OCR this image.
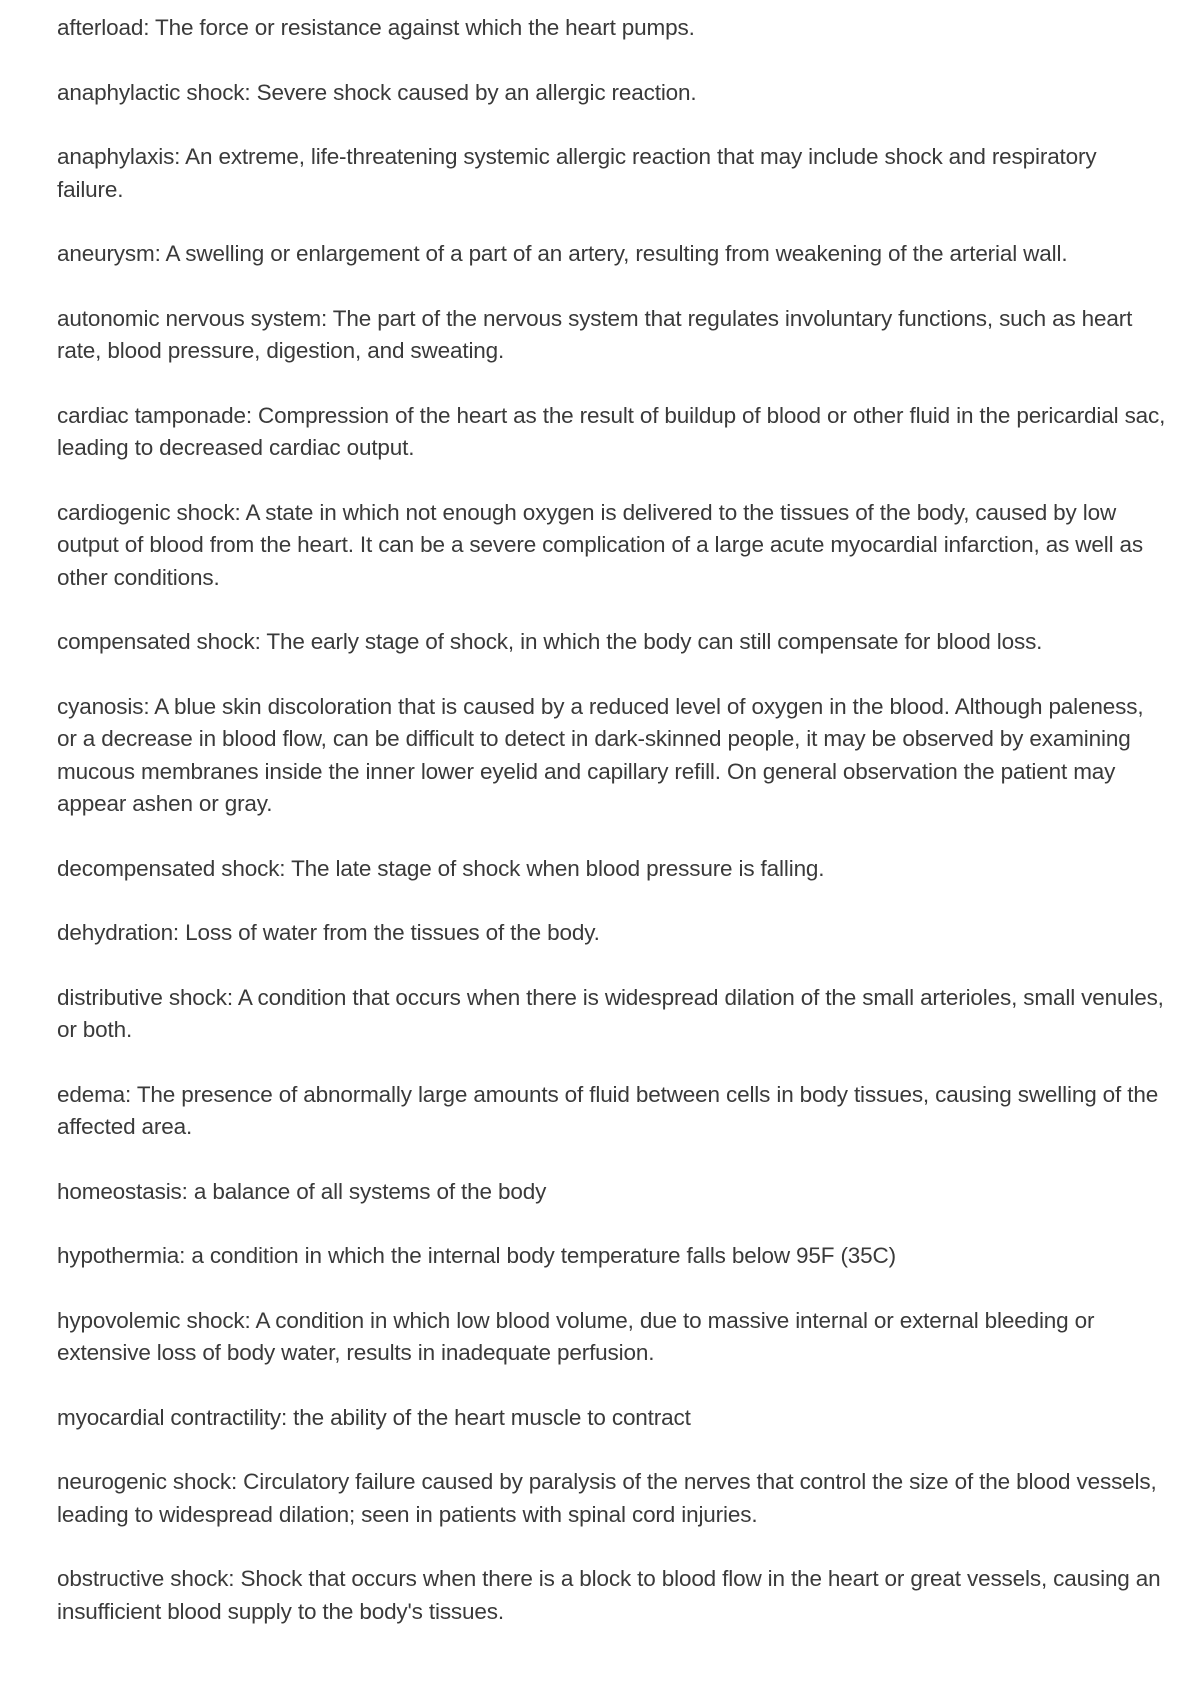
afterload: The force or resistance against which the heart pumps.

anaphylactic shock: Severe shock caused by an allergic reaction.

anaphylaxis: An extreme, life-threatening systemic allergic reaction that may include shock and respiratory failure.

aneurysm: A swelling or enlargement of a part of an artery, resulting from weakening of the arterial wall.

autonomic nervous system: The part of the nervous system that regulates involuntary functions, such as heart rate, blood pressure, digestion, and sweating.

cardiac tamponade: Compression of the heart as the result of buildup of blood or other fluid in the pericardial sac, leading to decreased cardiac output.

cardiogenic shock: A state in which not enough oxygen is delivered to the tissues of the body, caused by low output of blood from the heart. It can be a severe complication of a large acute myocardial infarction, as well as other conditions.

compensated shock: The early stage of shock, in which the body can still compensate for blood loss.

cyanosis: A blue skin discoloration that is caused by a reduced level of oxygen in the blood. Although paleness, or a decrease in blood flow, can be difficult to detect in dark-skinned people, it may be observed by examining mucous membranes inside the inner lower eyelid and capillary refill. On general observation the patient may appear ashen or gray.

decompensated shock: The late stage of shock when blood pressure is falling.

dehydration: Loss of water from the tissues of the body.

distributive shock: A condition that occurs when there is widespread dilation of the small arterioles, small venules, or both.

edema: The presence of abnormally large amounts of fluid between cells in body tissues, causing swelling of the affected area.

homeostasis: a balance of all systems of the body

hypothermia: a condition in which the internal body temperature falls below 95F (35C)

hypovolemic shock: A condition in which low blood volume, due to massive internal or external bleeding or extensive loss of body water, results in inadequate perfusion.

myocardial contractility: the ability of the heart muscle to contract

neurogenic shock: Circulatory failure caused by paralysis of the nerves that control the size of the blood vessels, leading to widespread dilation; seen in patients with spinal cord injuries.

obstructive shock: Shock that occurs when there is a block to blood flow in the heart or great vessels, causing an insufficient blood supply to the body's tissues.
